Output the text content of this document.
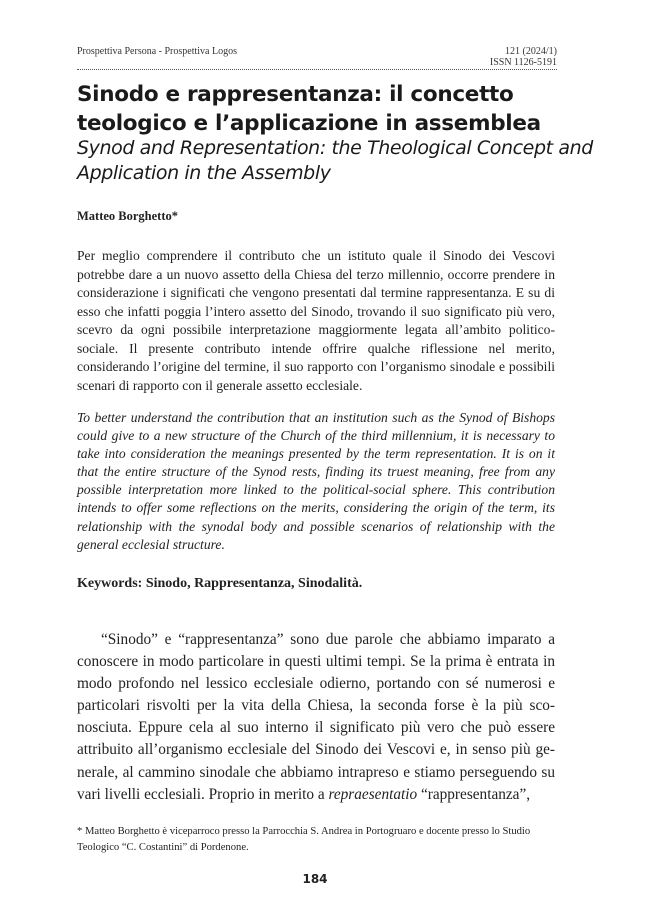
Prospettiva Persona - Prospettiva Logos	121 (2024/1)
ISSN 1126-5191
Sinodo e rappresentanza: il concetto teologico e l’applicazione in assemblea
Synod and Representation: the Theological Concept and Application in the Assembly
Matteo Borghetto*
Per meglio comprendere il contributo che un istituto quale il Sinodo dei Vescovi potrebbe dare a un nuovo assetto della Chiesa del terzo millennio, occorre prendere in considerazione i significati che vengono presentati dal termine rappresentanza. E su di esso che infatti poggia l’intero assetto del Sinodo, trovando il suo significato più vero, scevro da ogni possibile interpretazione maggiormente legata all’ambito politico-sociale. Il presente contributo intende offrire qualche riflessione nel merito, considerando l’origine del termine, il suo rapporto con l’organismo sinodale e possibili scenari di rapporto con il generale assetto ecclesiale.
To better understand the contribution that an institution such as the Synod of Bishops could give to a new structure of the Church of the third millennium, it is necessary to take into consideration the meanings presented by the term representation. It is on it that the entire structure of the Synod rests, finding its truest meaning, free from any possible interpretation more linked to the political-social sphere. This contribution intends to offer some reflections on the merits, considering the origin of the term, its relationship with the synodal body and possible scenarios of relationship with the general ecclesial structure.
Keywords: Sinodo, Rappresentanza, Sinodalità.
“Sinodo” e “rappresentanza” sono due parole che abbiamo imparato a conoscere in modo particolare in questi ultimi tempi. Se la prima è entrata in modo profondo nel lessico ecclesiale odierno, portando con sé numerosi e particolari risvolti per la vita della Chiesa, la seconda forse è la più sconosciuta. Eppure cela al suo interno il significato più vero che può essere attribuito all’organismo ecclesiale del Sinodo dei Vescovi e, in senso più generale, al cammino sinodale che abbiamo intrapreso e stiamo perseguendo su vari livelli ecclesiali. Proprio in merito a repraesentatio “rappresentanza”,
* Matteo Borghetto è viceparroco presso la Parrocchia S. Andrea in Portogruaro e docente presso lo Studio Teologico “C. Costantini” di Pordenone.
184
